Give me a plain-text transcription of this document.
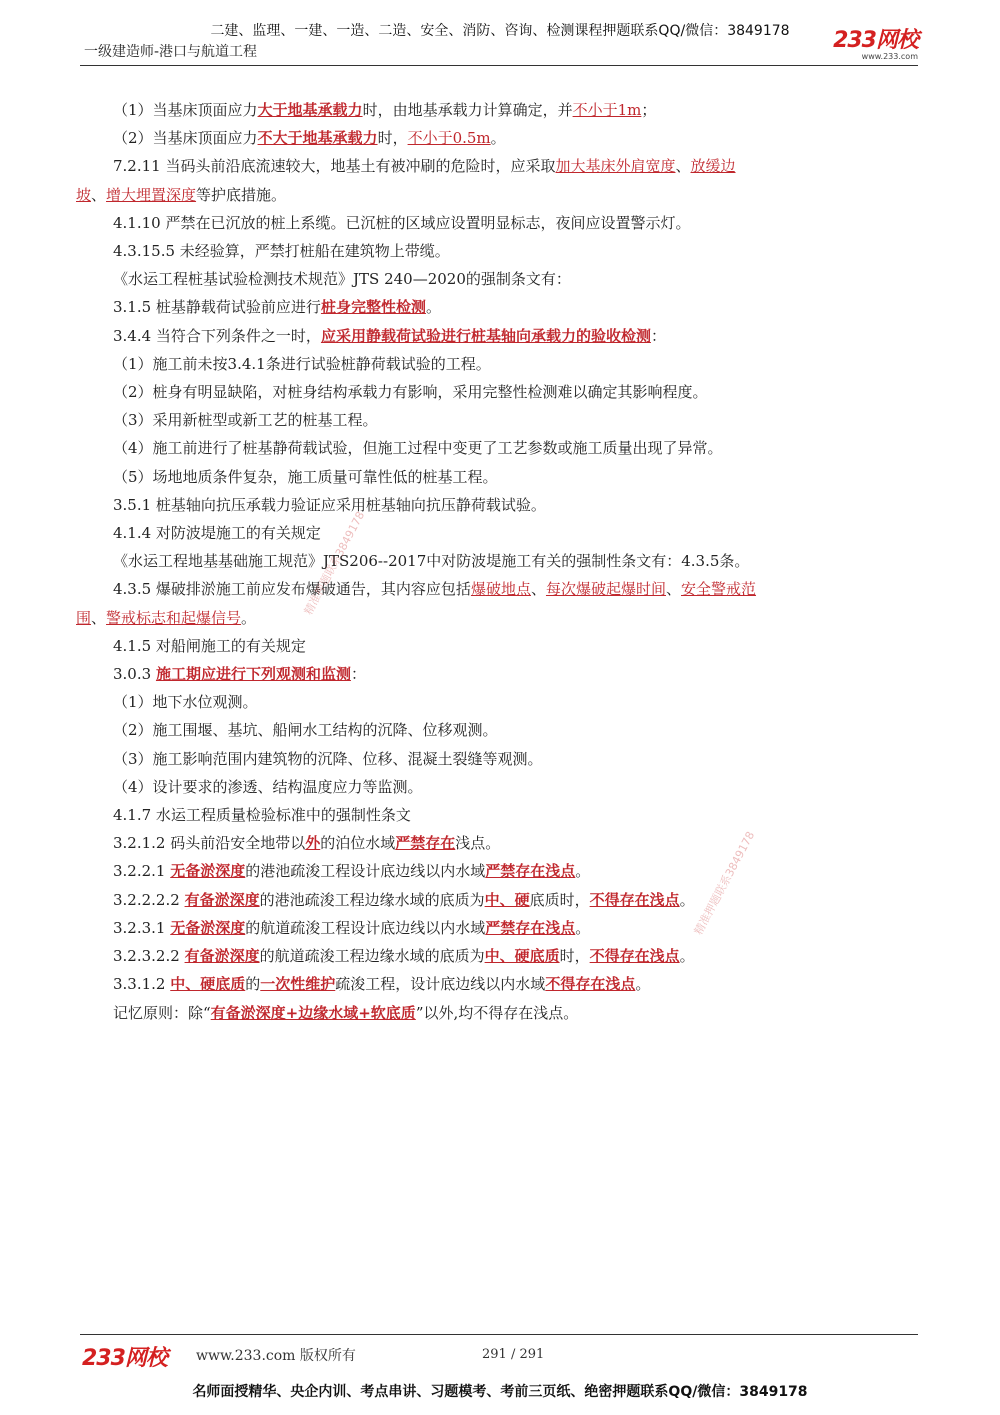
二建、监理、一建、一造、二造、安全、消防、咨询、检测课程押题联系QQ/微信：3849178
一级建造师-港口与航道工程	233网校
www.233.com
（1）当基床顶面应力大于地基承载力时，由地基承载力计算确定，并不小于1m；
（2）当基床顶面应力不大于地基承载力时，不小于0.5m。
7.2.11 当码头前沿底流速较大，地基土有被冲刷的危险时，应采取加大基床外肩宽度、放缓边
坡、增大埋置深度等护底措施。
4.1.10 严禁在已沉放的桩上系缆。已沉桩的区域应设置明显标志，夜间应设置警示灯。
4.3.15.5 未经验算，严禁打桩船在建筑物上带缆。
《水运工程桩基试验检测技术规范》JTS 240—2020的强制条文有：
3.1.5 桩基静载荷试验前应进行桩身完整性检测。
3.4.4 当符合下列条件之一时，应采用静载荷试验进行桩基轴向承载力的验收检测：
（1）施工前未按3.4.1条进行试验桩静荷载试验的工程。
（2）桩身有明显缺陷，对桩身结构承载力有影响，采用完整性检测难以确定其影响程度。
（3）采用新桩型或新工艺的桩基工程。
（4）施工前进行了桩基静荷载试验，但施工过程中变更了工艺参数或施工质量出现了异常。
（5）场地地质条件复杂，施工质量可靠性低的桩基工程。
3.5.1 桩基轴向抗压承载力验证应采用桩基轴向抗压静荷载试验。
4.1.4 对防波堤施工的有关规定
《水运工程地基基础施工规范》JTS206--2017中对防波堤施工有关的强制性条文有：4.3.5条。
4.3.5 爆破排淤施工前应发布爆破通告，其内容应包括爆破地点、每次爆破起爆时间、安全警戒范
围、警戒标志和起爆信号。
4.1.5 对船闸施工的有关规定
3.0.3 施工期应进行下列观测和监测：
（1）地下水位观测。
（2）施工围堰、基坑、船闸水工结构的沉降、位移观测。
（3）施工影响范围内建筑物的沉降、位移、混凝土裂缝等观测。
（4）设计要求的渗透、结构温度应力等监测。
4.1.7 水运工程质量检验标准中的强制性条文
3.2.1.2 码头前沿安全地带以外的泊位水域严禁存在浅点。
3.2.2.1 无备淤深度的港池疏浚工程设计底边线以内水域严禁存在浅点。
3.2.2.2.2 有备淤深度的港池疏浚工程边缘水域的底质为中、硬底质时，不得存在浅点。
3.2.3.1 无备淤深度的航道疏浚工程设计底边线以内水域严禁存在浅点。
3.2.3.2.2 有备淤深度的航道疏浚工程边缘水域的底质为中、硬底质时，不得存在浅点。
3.3.1.2 中、硬底质的一次性维护疏浚工程，设计底边线以内水域不得存在浅点。
记忆原则：除“有备淤深度+边缘水域+软底质”以外,均不得存在浅点。
精准押题联系3849178
精准押题联系3849178
233网校 www.233.com 版权所有	291 / 291
名师面授精华、央企内训、考点串讲、习题模考、考前三页纸、绝密押题联系QQ/微信：3849178
